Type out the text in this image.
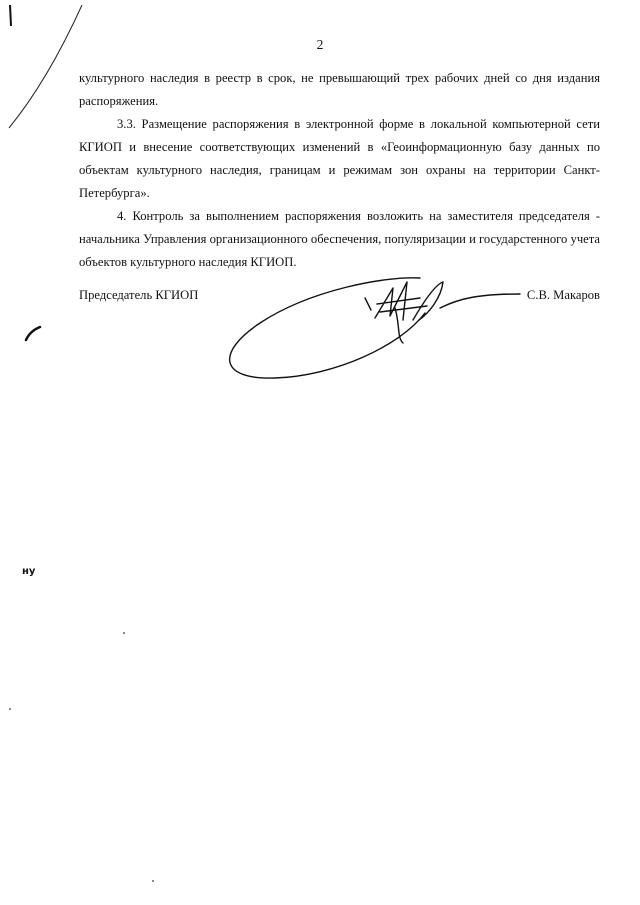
2

культурного наследия в реестр в срок, не превышающий трех рабочих дней со дня издания распоряжения.

3.3. Размещение распоряжения в электронной форме в локальной компьютерной сети КГИОП и внесение соответствующих изменений в «Геоинформационную базу данных по объектам культурного наследия, границам и режимам зон охраны на территории Санкт-Петербурга».

4. Контроль за выполнением распоряжения возложить на заместителя председателя - начальника Управления организационного обеспечения, популяризации и государстенного учета объектов культурного наследия КГИОП.

Председатель КГИОП	С.В. Макаров
ну
